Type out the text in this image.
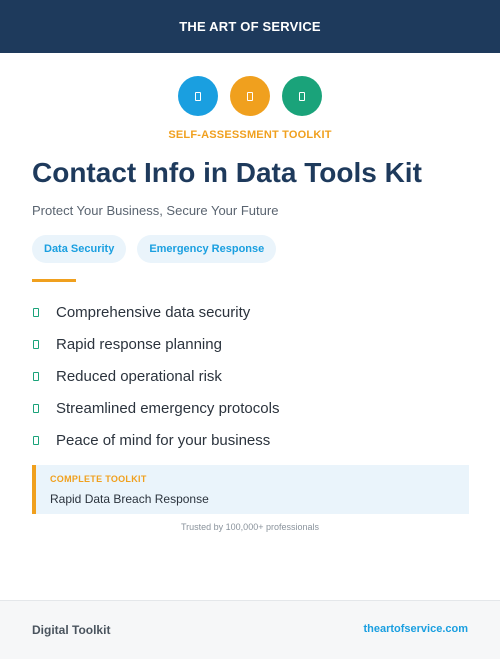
THE ART OF SERVICE
SELF-ASSESSMENT TOOLKIT
Contact Info in Data Tools Kit
Protect Your Business, Secure Your Future
Data Security	Emergency Response
Comprehensive data security
Rapid response planning
Reduced operational risk
Streamlined emergency protocols
Peace of mind for your business
COMPLETE TOOLKIT
Rapid Data Breach Response
Trusted by 100,000+ professionals
Digital Toolkit	theartofservice.com
